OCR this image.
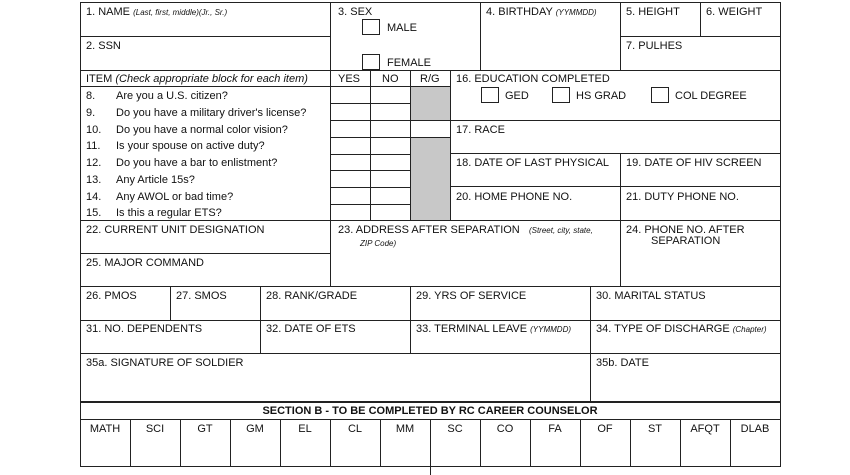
1. NAME (Last, first, middle)(Jr., Sr.)
2. SSN
3. SEX
MALE
FEMALE
4. BIRTHDAY (YYMMDD)	5. HEIGHT 6. WEIGHT
7. PULHES
ITEM (Check appropriate block for each item)	YES NO R/G
8. Are you a U.S. citizen?
9. Do you have a military driver's license?
10. Do you have a normal color vision?
11. Is your spouse on active duty?
12. Do you have a bar to enlistment?
13. Any Article 15s?
14. Any AWOL or bad time?
15. Is this a regular ETS?
16. EDUCATION COMPLETED
GED	HS GRAD	COL DEGREE
17. RACE
18. DATE OF LAST PHYSICAL 19. DATE OF HIV SCREEN
20. HOME PHONE NO.	21. DUTY PHONE NO.
22. CURRENT UNIT DESIGNATION
25. MAJOR COMMAND
23. ADDRESS AFTER SEPARATION (Street, city, state,
ZIP Code)
24. PHONE NO. AFTER
SEPARATION
26. PMOS	27. SMOS	28. RANK/GRADE	29. YRS OF SERVICE	30. MARITAL STATUS
31. NO. DEPENDENTS	32. DATE OF ETS	33. TERMINAL LEAVE (YYMMDD) 34. TYPE OF DISCHARGE (Chapter)
35a. SIGNATURE OF SOLDIER	35b. DATE
SECTION B - TO BE COMPLETED BY RC CAREER COUNSELOR
MATH	SCI	GT	GM	EL	CL	MM	SC	CO	FA	OF	ST	AFQT	DLAB
